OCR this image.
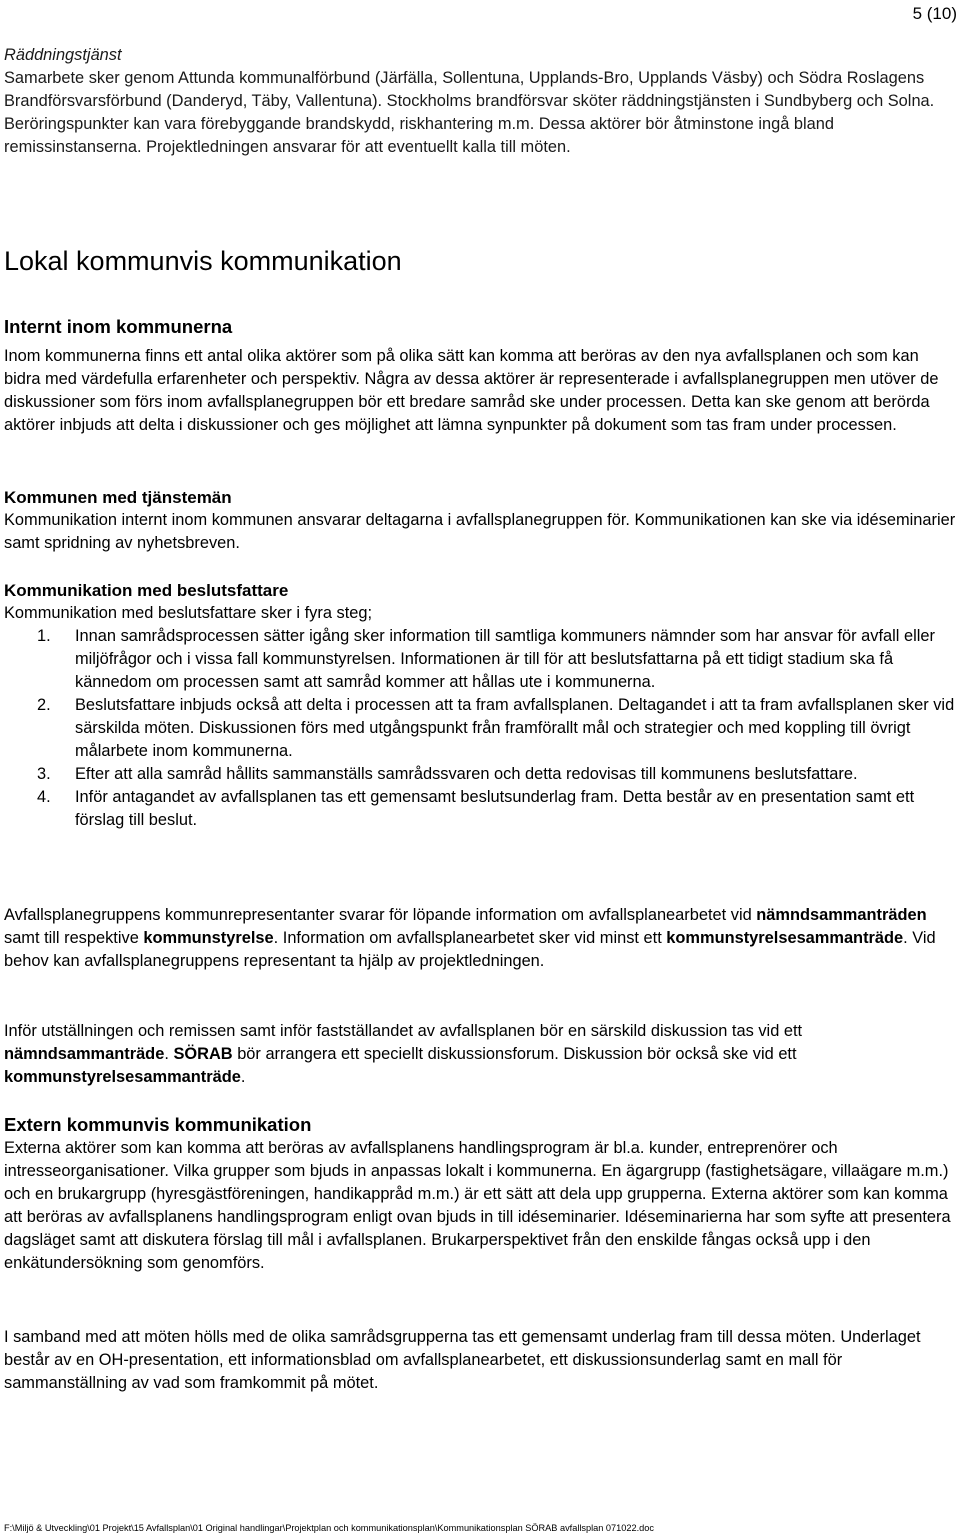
5 (10)

Räddningstjänst

Samarbete sker genom Attunda kommunalförbund (Järfälla, Sollentuna, Upplands-Bro, Upplands Väsby) och Södra Roslagens Brandförsvarsförbund (Danderyd, Täby, Vallentuna). Stockholms brandförsvar sköter räddningstjänsten i Sundbyberg och Solna. Beröringspunkter kan vara förebyggande brandskydd, riskhantering m.m. Dessa aktörer bör åtminstone ingå bland remissinstanserna. Projektledningen ansvarar för att eventuellt kalla till möten.

Lokal kommunvis kommunikation
Internt inom kommunerna

Inom kommunerna finns ett antal olika aktörer som på olika sätt kan komma att beröras av den nya avfallsplanen och som kan bidra med värdefulla erfarenheter och perspektiv. Några av dessa aktörer är representerade i avfallsplanegruppen men utöver de diskussioner som förs inom avfallsplanegruppen bör ett bredare samråd ske under processen. Detta kan ske genom att berörda aktörer inbjuds att delta i diskussioner och ges möjlighet att lämna synpunkter på dokument som tas fram under processen.

Kommunen med tjänstemän

Kommunikation internt inom kommunen ansvarar deltagarna i avfallsplanegruppen för. Kommunikationen kan ske via idéseminarier samt spridning av nyhetsbreven.

Kommunikation med beslutsfattare

Kommunikation med beslutsfattare sker i fyra steg;

1. Innan samrådsprocessen sätter igång sker information till samtliga kommuners nämnder som har ansvar för avfall eller miljöfrågor och i vissa fall kommunstyrelsen. Informationen är till för att beslutsfattarna på ett tidigt stadium ska få kännedom om processen samt att samråd kommer att hållas ute i kommunerna.
2. Beslutsfattare inbjuds också att delta i processen att ta fram avfallsplanen. Deltagandet i att ta fram avfallsplanen sker vid särskilda möten. Diskussionen förs med utgångspunkt från framförallt mål och strategier och med koppling till övrigt målarbete inom kommunerna.
3. Efter att alla samråd hållits sammanställs samrådssvaren och detta redovisas till kommunens beslutsfattare.
4. Inför antagandet av avfallsplanen tas ett gemensamt beslutsunderlag fram. Detta består av en presentation samt ett förslag till beslut.

Avfallsplanegruppens kommunrepresentanter svarar för löpande information om avfallsplanearbetet vid nämndsammanträden samt till respektive kommunstyrelse. Information om avfallsplanearbetet sker vid minst ett kommunstyrelsesammanträde. Vid behov kan avfallsplanegruppens representant ta hjälp av projektledningen.

Inför utställningen och remissen samt inför fastställandet av avfallsplanen bör en särskild diskussion tas vid ett nämndsammanträde. SÖRAB bör arrangera ett speciellt diskussionsforum. Diskussion bör också ske vid ett kommunstyrelsesammanträde.

Extern kommunvis kommunikation

Externa aktörer som kan komma att beröras av avfallsplanens handlingsprogram är bl.a. kunder, entreprenörer och intresseorganisationer. Vilka grupper som bjuds in anpassas lokalt i kommunerna. En ägargrupp (fastighetsägare, villaägare m.m.) och en brukargrupp (hyresgästföreningen, handikappråd m.m.) är ett sätt att dela upp grupperna. Externa aktörer som kan komma att beröras av avfallsplanens handlingsprogram enligt ovan bjuds in till idéseminarier. Idéseminarierna har som syfte att presentera dagsläget samt att diskutera förslag till mål i avfallsplanen. Brukarperspektivet från den enskilde fångas också upp i den enkätundersökning som genomförs.

I samband med att möten hölls med de olika samrådsgrupperna tas ett gemensamt underlag fram till dessa möten. Underlaget består av en OH-presentation, ett informationsblad om avfallsplanearbetet, ett diskussionsunderlag samt en mall för sammanställning av vad som framkommit på mötet.

F:\Miljö & Utveckling\01 Projekt\15 Avfallsplan\01 Original handlingar\Projektplan och kommunikationsplan\Kommunikationsplan SÖRAB avfallsplan 071022.doc
